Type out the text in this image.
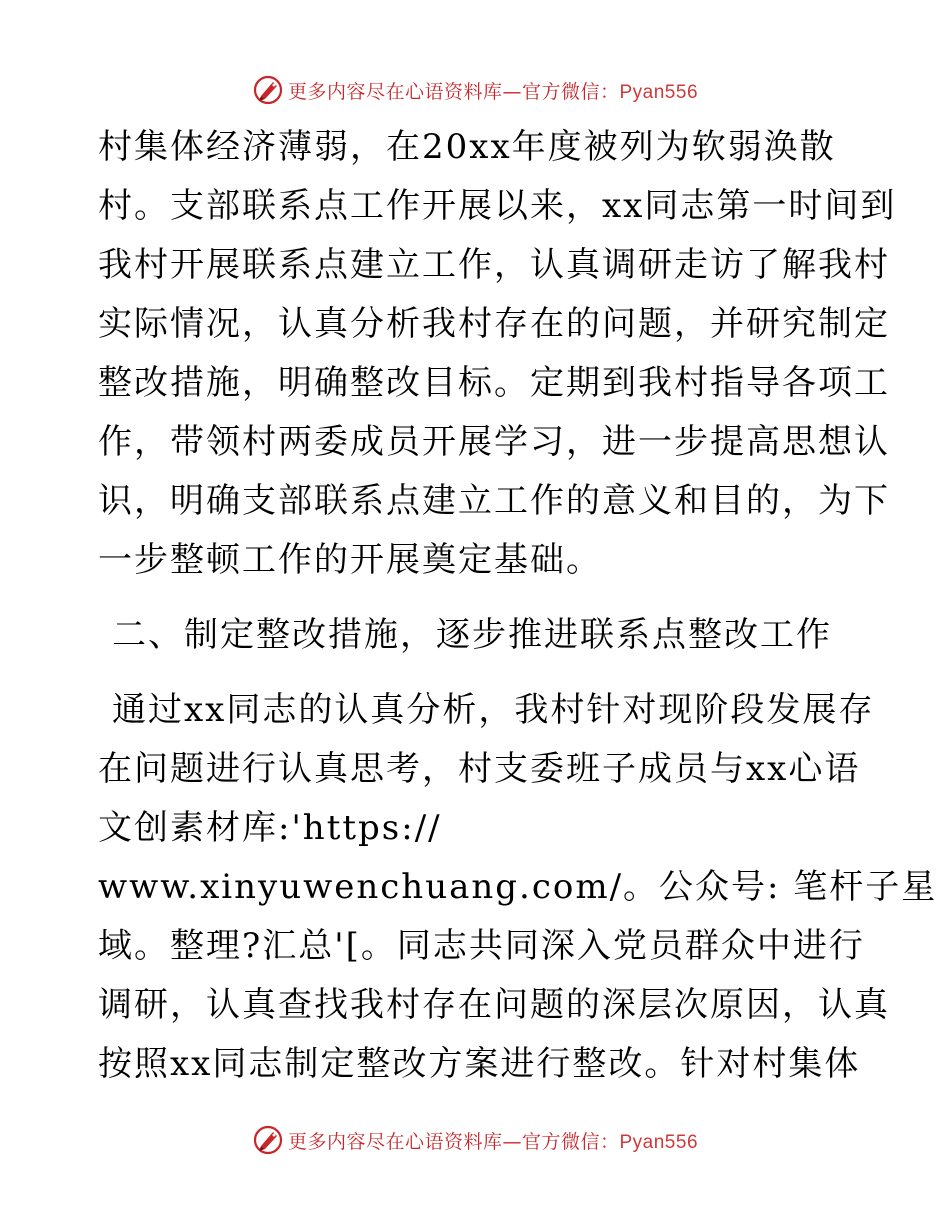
更多内容尽在心语资料库—官方微信：Pyan556
村集体经济薄弱，在20xx年度被列为软弱涣散
村。支部联系点工作开展以来，xx同志第一时间到
我村开展联系点建立工作，认真调研走访了解我村
实际情况，认真分析我村存在的问题，并研究制定
整改措施，明确整改目标。定期到我村指导各项工
作，带领村两委成员开展学习，进一步提高思想认
识，明确支部联系点建立工作的意义和目的，为下
一步整顿工作的开展奠定基础。
二、制定整改措施，逐步推进联系点整改工作
通过xx同志的认真分析，我村针对现阶段发展存
在问题进行认真思考，村支委班子成员与xx心语
文创素材库:'https://
www.xinyuwenchuang.com/。公众号: 笔杆子星
域。整理?汇总'[。同志共同深入党员群众中进行
调研，认真查找我村存在问题的深层次原因，认真
按照xx同志制定整改方案进行整改。针对村集体
更多内容尽在心语资料库—官方微信：Pyan556
